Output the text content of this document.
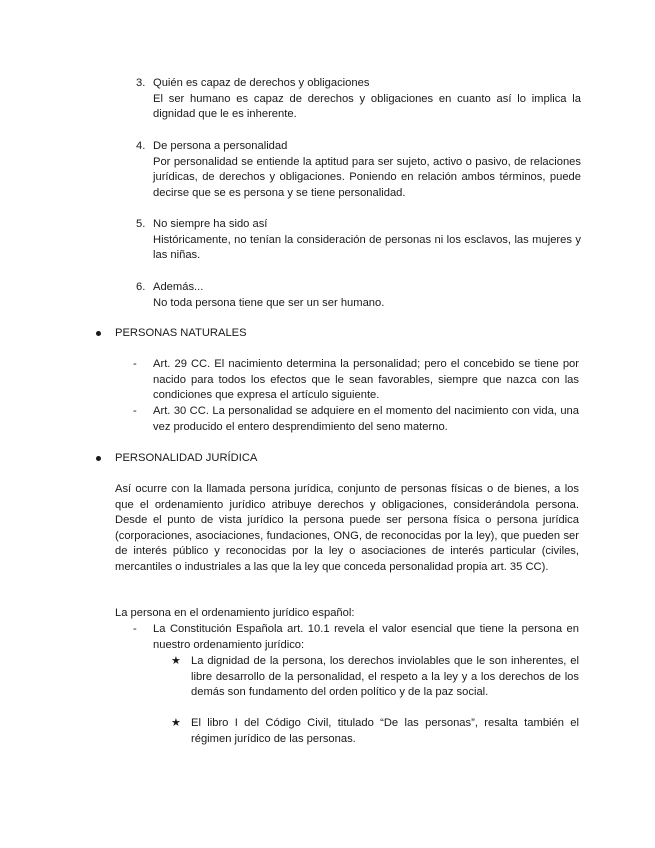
3. Quién es capaz de derechos y obligaciones
El ser humano es capaz de derechos y obligaciones en cuanto así lo implica la dignidad que le es inherente.
4. De persona a personalidad
Por personalidad se entiende la aptitud para ser sujeto, activo o pasivo, de relaciones jurídicas, de derechos y obligaciones. Poniendo en relación ambos términos, puede decirse que se es persona y se tiene personalidad.
5. No siempre ha sido así
Históricamente, no tenían la consideración de personas ni los esclavos, las mujeres y las niñas.
6. Además...
No toda persona tiene que ser un ser humano.
PERSONAS NATURALES
- Art. 29 CC. El nacimiento determina la personalidad; pero el concebido se tiene por nacido para todos los efectos que le sean favorables, siempre que nazca con las condiciones que expresa el artículo siguiente.
- Art. 30 CC. La personalidad se adquiere en el momento del nacimiento con vida, una vez producido el entero desprendimiento del seno materno.
PERSONALIDAD JURÍDICA
Así ocurre con la llamada persona jurídica, conjunto de personas físicas o de bienes, a los que el ordenamiento jurídico atribuye derechos y obligaciones, considerándola persona. Desde el punto de vista jurídico la persona puede ser persona física o persona jurídica (corporaciones, asociaciones, fundaciones, ONG, de reconocidas por la ley), que pueden ser de interés público y reconocidas por la ley o asociaciones de interés particular (civiles, mercantiles o industriales a las que la ley que conceda personalidad propia art. 35 CC).
La persona en el ordenamiento jurídico español:
- La Constitución Española art. 10.1 revela el valor esencial que tiene la persona en nuestro ordenamiento jurídico:
★ La dignidad de la persona, los derechos inviolables que le son inherentes, el libre desarrollo de la personalidad, el respeto a la ley y a los derechos de los demás son fundamento del orden político y de la paz social.
★ El libro I del Código Civil, titulado “De las personas”, resalta también el régimen jurídico de las personas.
